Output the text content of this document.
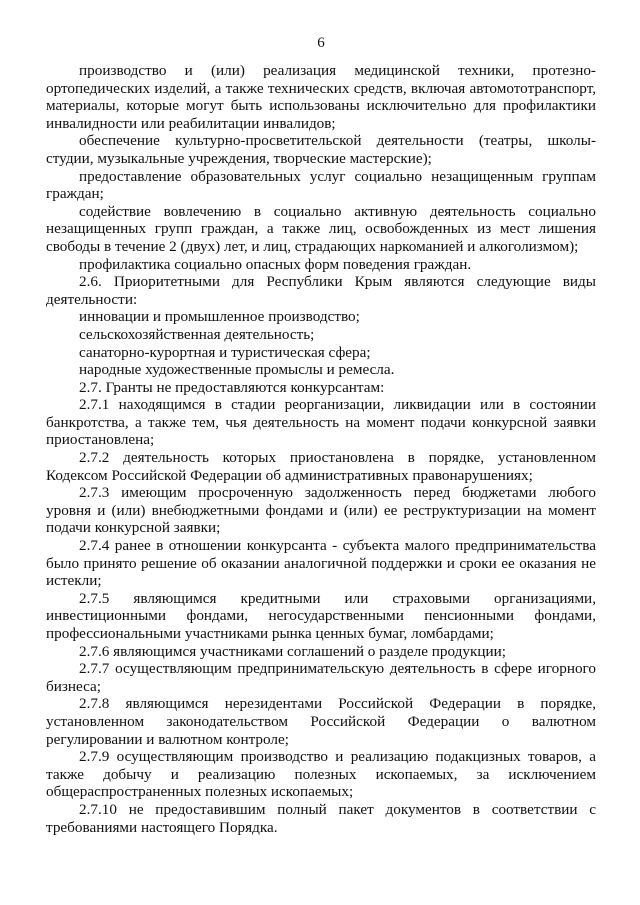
6

производство и (или) реализация медицинской техники, протезно-ортопедических изделий, а также технических средств, включая автомототранспорт, материалы, которые могут быть использованы исключительно для профилактики инвалидности или реабилитации инвалидов;

обеспечение культурно-просветительской деятельности (театры, школы-студии, музыкальные учреждения, творческие мастерские);

предоставление образовательных услуг социально незащищенным группам граждан;

содействие вовлечению в социально активную деятельность социально незащищенных групп граждан, а также лиц, освобожденных из мест лишения свободы в течение 2 (двух) лет, и лиц, страдающих наркоманией и алкоголизмом);

профилактика социально опасных форм поведения граждан.

2.6. Приоритетными для Республики Крым являются следующие виды деятельности:

инновации и промышленное производство;

сельскохозяйственная деятельность;

санаторно-курортная и туристическая сфера;

народные художественные промыслы и ремесла.

2.7. Гранты не предоставляются конкурсантам:

2.7.1 находящимся в стадии реорганизации, ликвидации или в состоянии банкротства, а также тем, чья деятельность на момент подачи конкурсной заявки приостановлена;

2.7.2 деятельность которых приостановлена в порядке, установленном Кодексом Российской Федерации об административных правонарушениях;

2.7.3 имеющим просроченную задолженность перед бюджетами любого уровня и (или) внебюджетными фондами и (или) ее реструктуризации на момент подачи конкурсной заявки;

2.7.4 ранее в отношении конкурсанта - субъекта малого предпринимательства было принято решение об оказании аналогичной поддержки и сроки ее оказания не истекли;

2.7.5 являющимся кредитными или страховыми организациями, инвестиционными фондами, негосударственными пенсионными фондами, профессиональными участниками рынка ценных бумаг, ломбардами;

2.7.6 являющимся участниками соглашений о разделе продукции;

2.7.7 осуществляющим предпринимательскую деятельность в сфере игорного бизнеса;

2.7.8 являющимся нерезидентами Российской Федерации в порядке, установленном законодательством Российской Федерации о валютном регулировании и валютном контроле;

2.7.9 осуществляющим производство и реализацию подакцизных товаров, а также добычу и реализацию полезных ископаемых, за исключением общераспространенных полезных ископаемых;

2.7.10 не предоставившим полный пакет документов в соответствии с требованиями настоящего Порядка.
